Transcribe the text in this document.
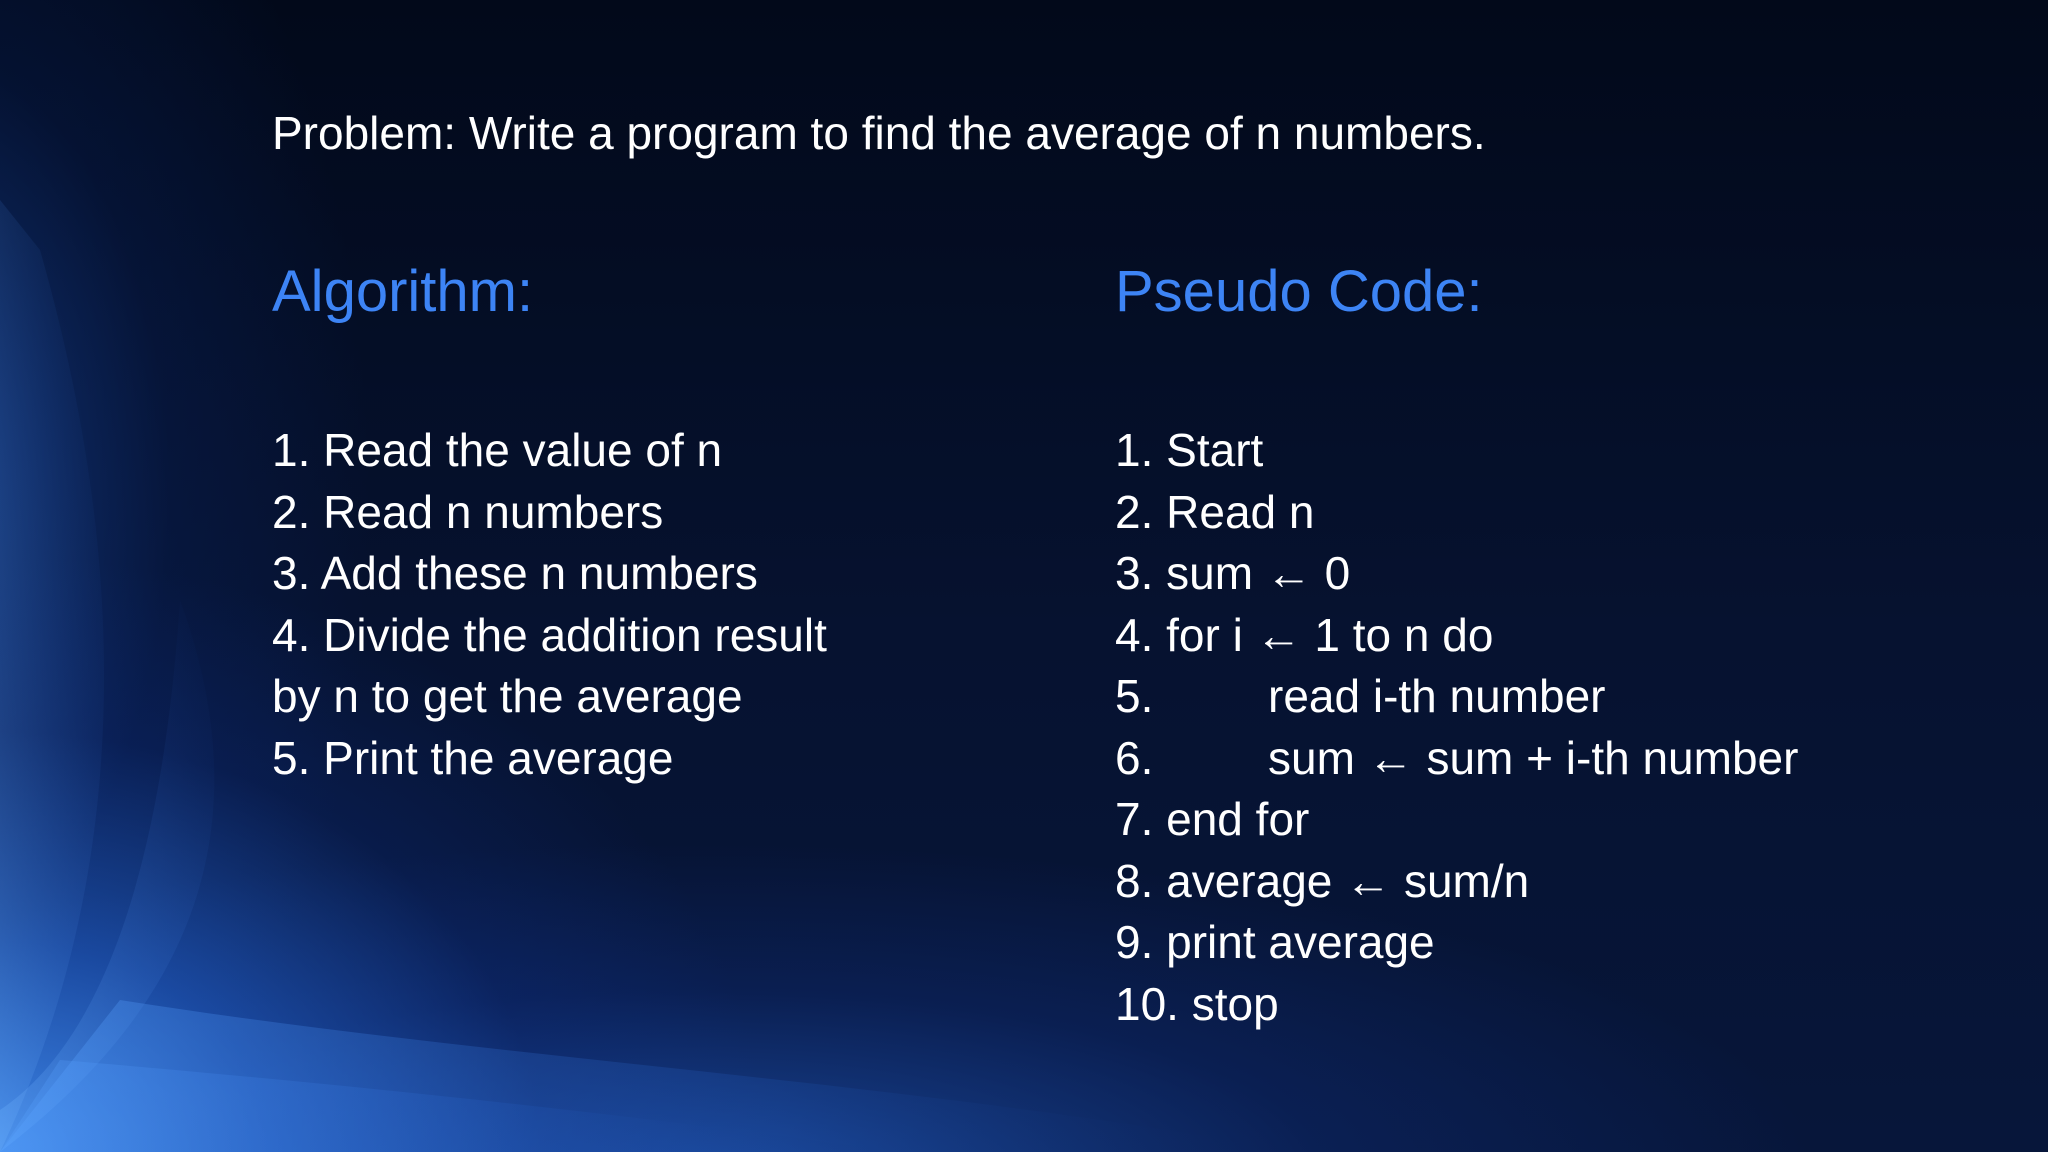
Problem: Write a program to find the average of n numbers.
Algorithm:	Pseudo Code:
1. Read the value of n
2. Read n numbers
3. Add these n numbers
4. Divide the addition result by n to get the average
5. Print the average
1. Start
2. Read n
3. sum ← 0
4. for i ← 1 to n do
5. read i-th number
6. sum ← sum + i-th number
7. end for
8. average ← sum/n
9. print average
10. stop
